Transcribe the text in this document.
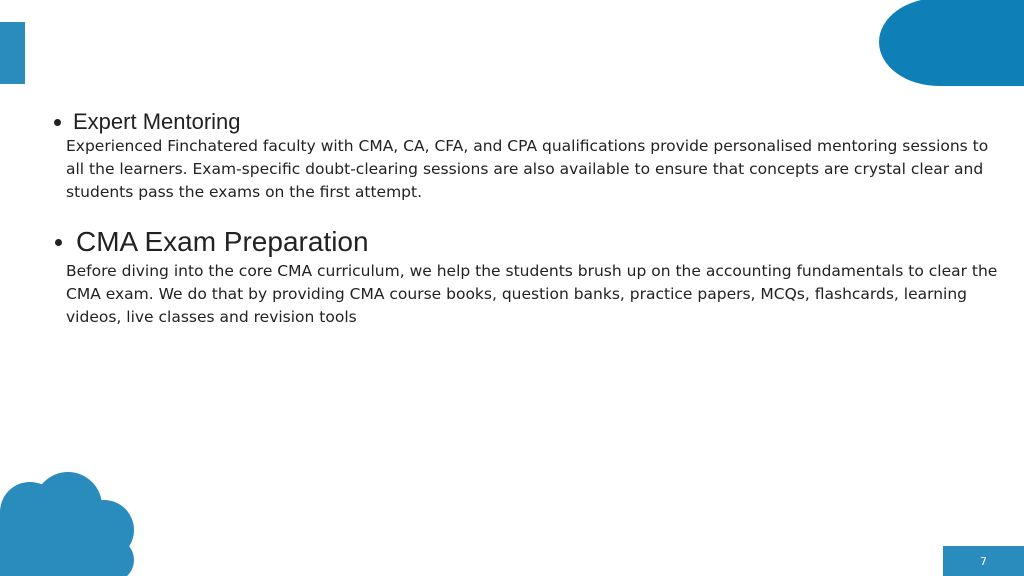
Expert Mentoring

Experienced Finchatered faculty with CMA, CA, CFA, and CPA qualifications provide personalised mentoring sessions to all the learners. Exam-specific doubt-clearing sessions are also available to ensure that concepts are crystal clear and students pass the exams on the first attempt.

CMA Exam Preparation

Before diving into the core CMA curriculum, we help the students brush up on the accounting fundamentals to clear the CMA exam. We do that by providing CMA course books, question banks, practice papers, MCQs, flashcards, learning videos, live classes and revision tools

7
